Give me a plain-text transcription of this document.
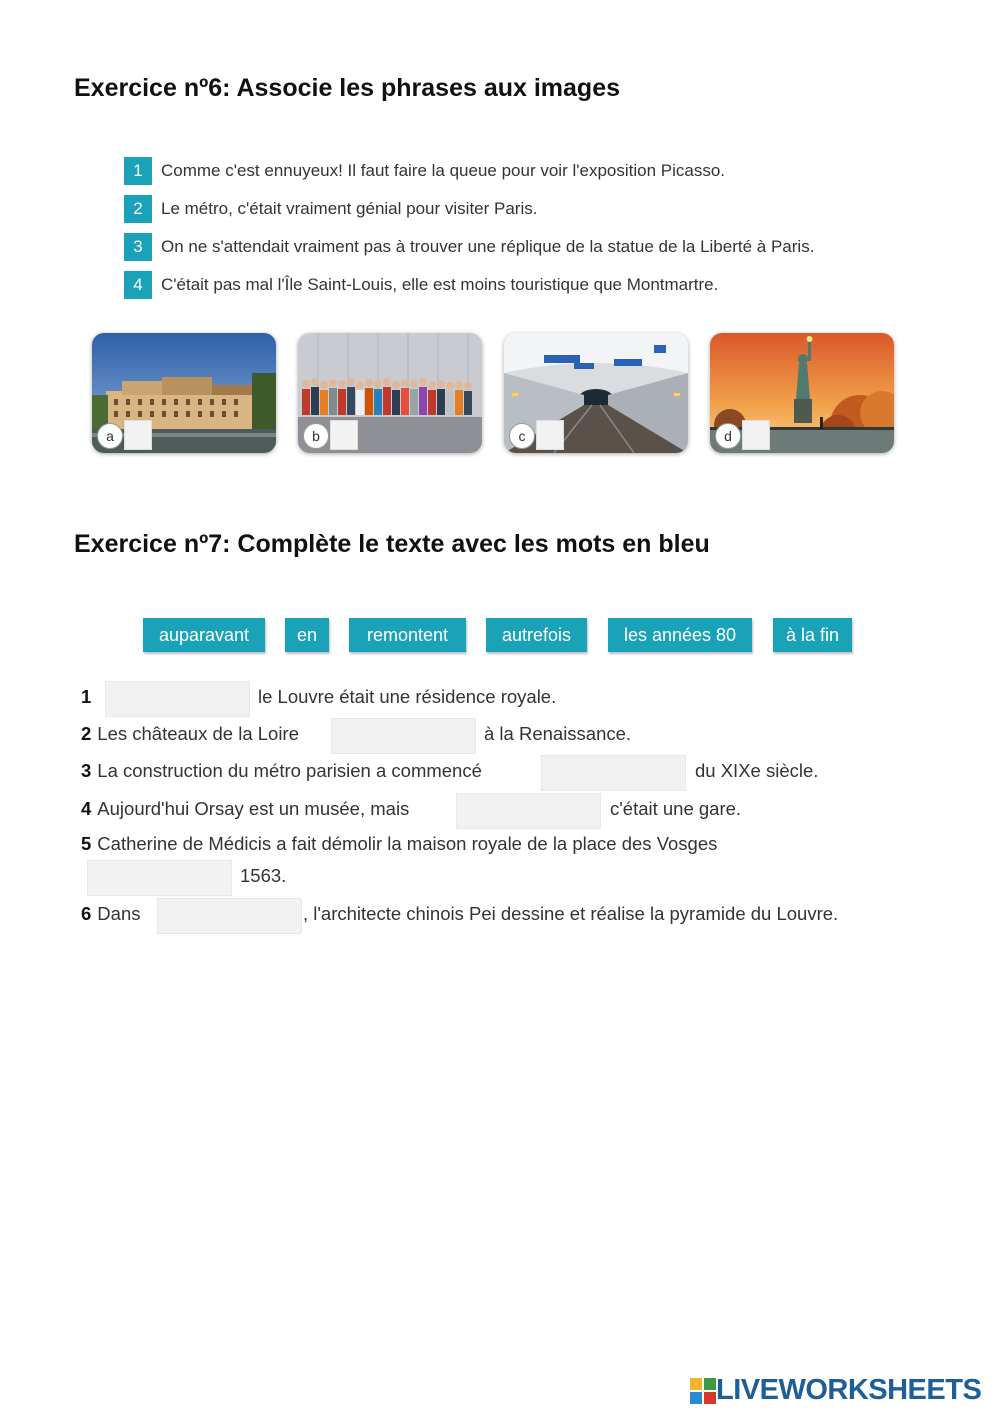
Exercice nº6: Associe les phrases aux images
1	Comme c'est ennuyeux! Il faut faire la queue pour voir l'exposition Picasso.
2	Le métro, c'était vraiment génial pour visiter Paris.
3	On ne s'attendait vraiment pas à trouver une réplique de la statue de la Liberté à Paris.
4	C'était pas mal l'Île Saint-Louis, elle est moins touristique que Montmartre.
a	b	c	d
Exercice nº7: Complète le texte avec les mots en bleu
auparavant	en	remontent	autrefois	les années 80	à la fin
1	le Louvre était une résidence royale.
2 Les châteaux de la Loire	à la Renaissance.
3 La construction du métro parisien a commencé	du XIXe siècle.
4 Aujourd'hui Orsay est un musée, mais	c'était une gare.
5 Catherine de Médicis a fait démolir la maison royale de la place des Vosges
1563.
6 Dans	, l'architecte chinois Pei dessine et réalise la pyramide du Louvre.
LIVEWORKSHEETS
